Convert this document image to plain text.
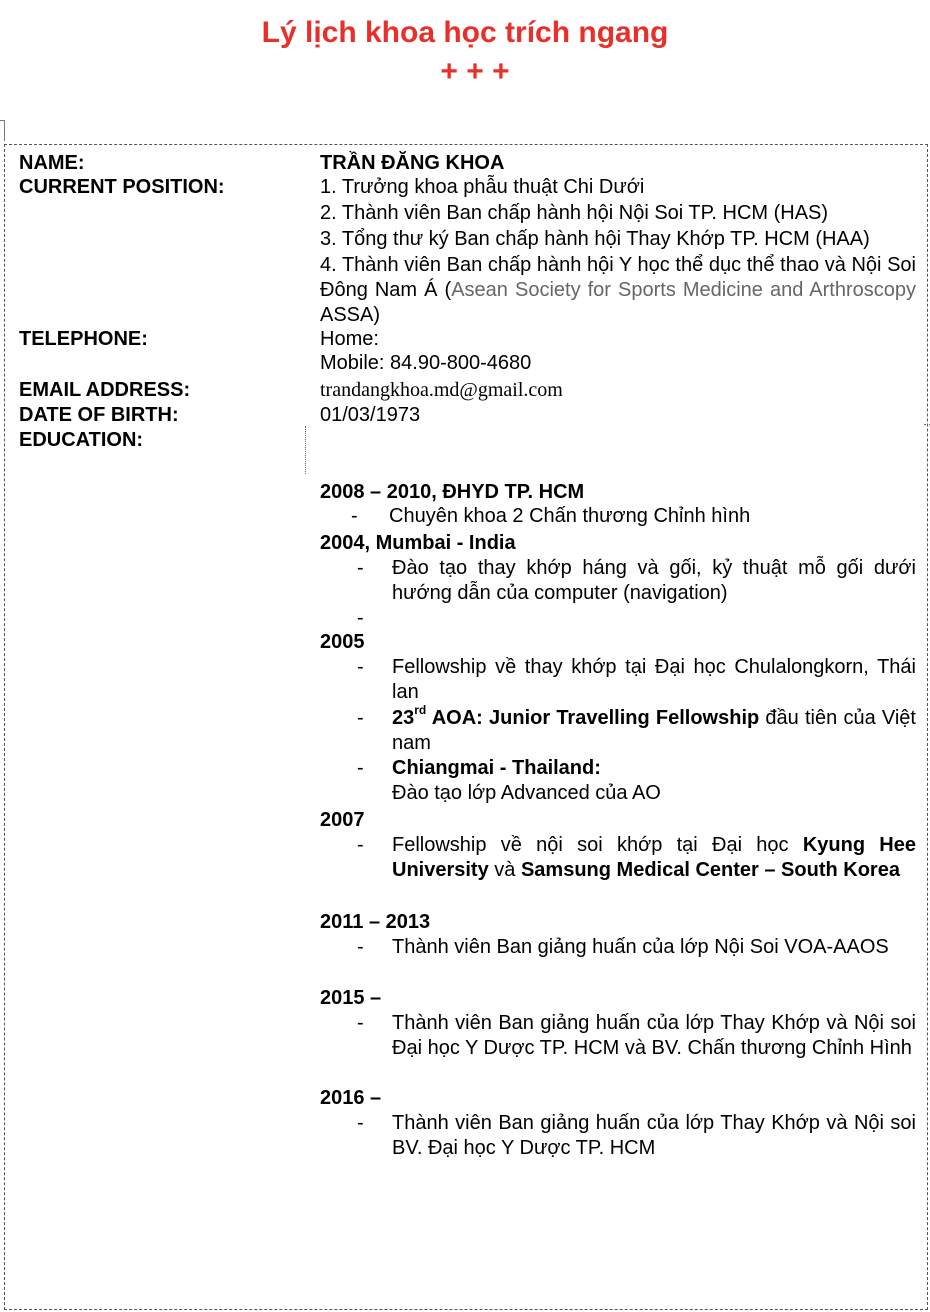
Lý lịch khoa học trích ngang
+ + +
NAME:	TRẦN ĐĂNG KHOA
CURRENT POSITION:	1. Trưởng khoa phẫu thuật Chi Dưới
2. Thành viên Ban chấp hành hội Nội Soi TP. HCM (HAS)
3. Tổng thư ký Ban chấp hành hội Thay Khớp TP. HCM (HAA)
4. Thành viên Ban chấp hành hội Y học thể dục thể thao và Nội Soi Đông Nam Á (Asean Society for Sports Medicine and Arthroscopy ASSA)
TELEPHONE:	Home:
Mobile: 84.90-800-4680
EMAIL ADDRESS:	trandangkhoa.md@gmail.com
DATE OF BIRTH:	01/03/1973
EDUCATION:
2008 – 2010, ĐHYD TP. HCM
- Chuyên khoa 2 Chấn thương Chỉnh hình
2004, Mumbai - India
- Đào tạo thay khớp háng và gối, kỷ thuật mỗ gối dưới hướng dẫn của computer (navigation)
-
2005
- Fellowship về thay khớp tại Đại học Chulalongkorn, Thái lan
- 23rd AOA: Junior Travelling Fellowship đầu tiên của Việt nam
- Chiangmai - Thailand:
Đào tạo lớp Advanced của AO
2007
- Fellowship về nội soi khớp tại Đại học Kyung Hee University và Samsung Medical Center – South Korea
2011 – 2013
- Thành viên Ban giảng huấn của lớp Nội Soi VOA-AAOS
2015 –
- Thành viên Ban giảng huấn của lớp Thay Khớp và Nội soi Đại học Y Dược TP. HCM và BV. Chấn thương Chỉnh Hình
2016 –
- Thành viên Ban giảng huấn của lớp Thay Khớp và Nội soi BV. Đại học Y Dược TP. HCM
